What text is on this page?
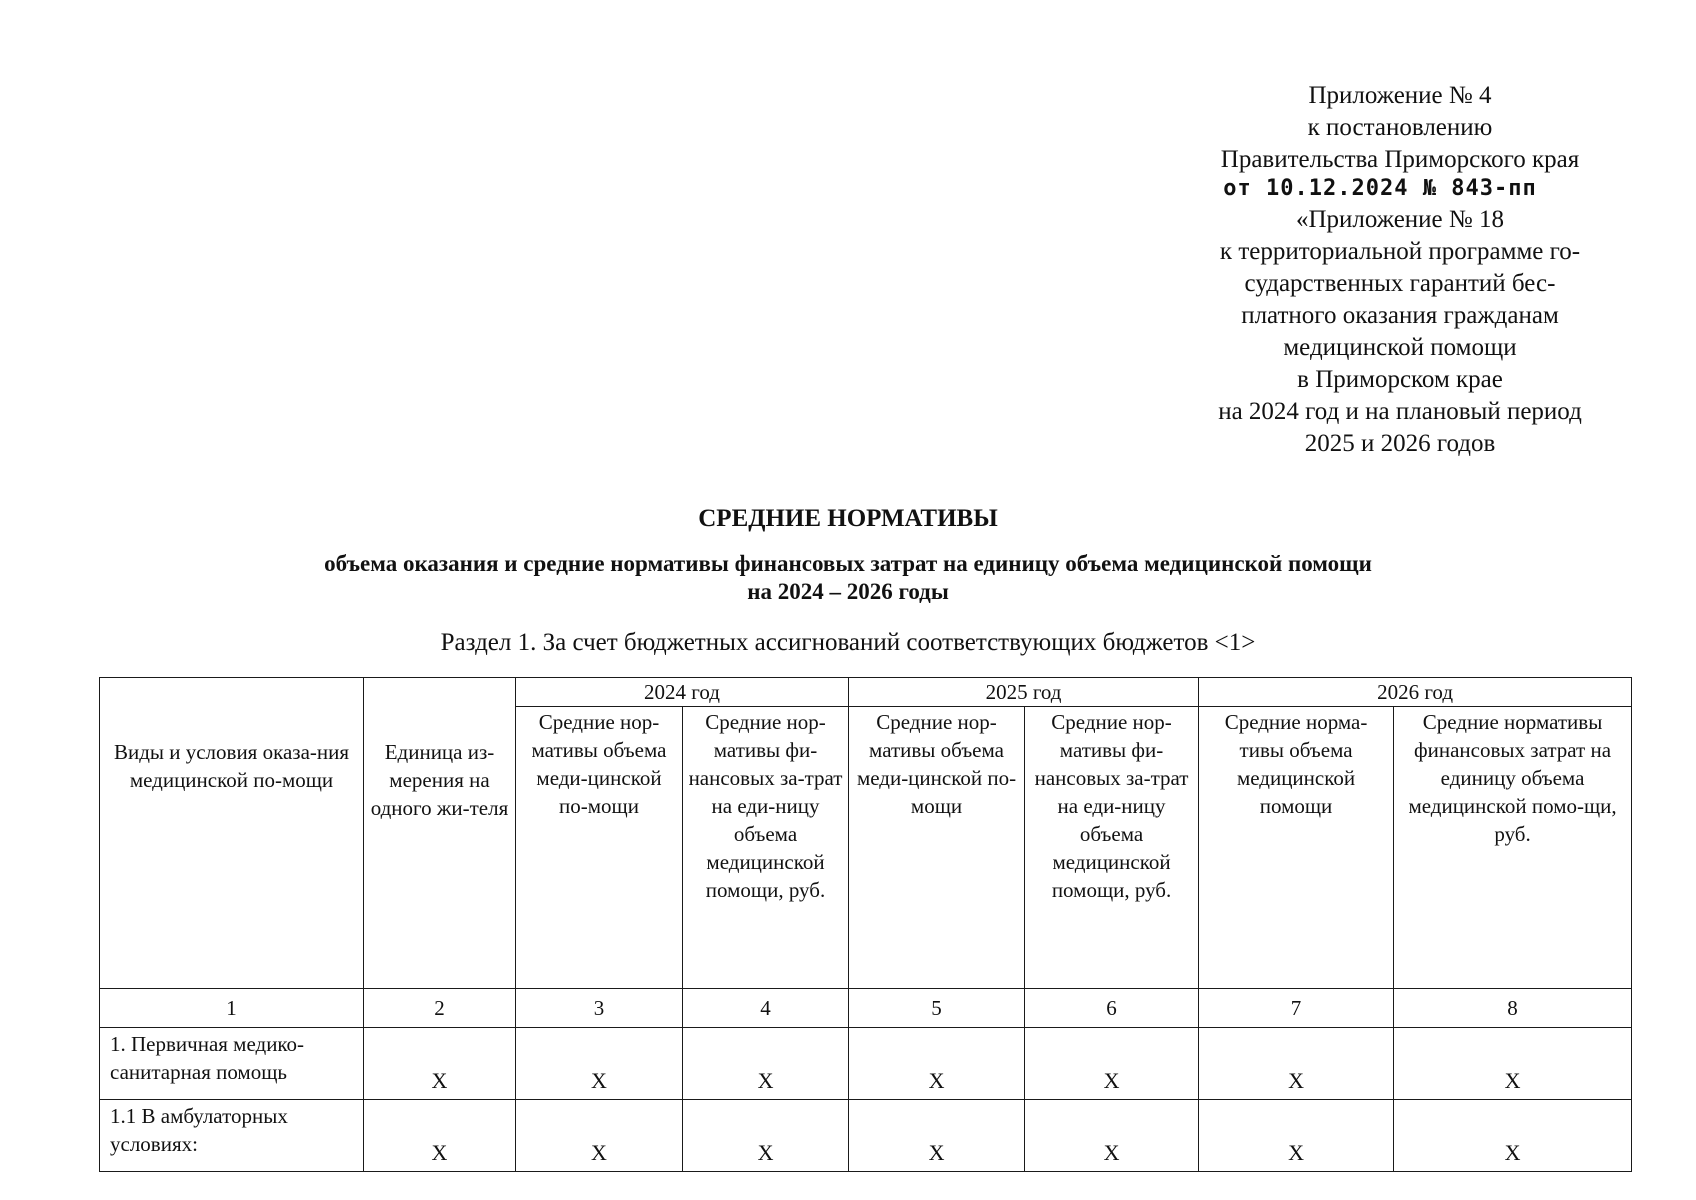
Приложение № 4
к постановлению
Правительства Приморского края
от 10.12.2024 № 843-пп
«Приложение № 18
к территориальной программе го-
сударственных гарантий бес-
платного оказания гражданам
медицинской помощи
в Приморском крае
на 2024 год и на плановый период
2025 и 2026 годов
СРЕДНИЕ НОРМАТИВЫ
объема оказания и средние нормативы финансовых затрат на единицу объема медицинской помощи
на 2024 – 2026 годы
Раздел 1. За счет бюджетных ассигнований соответствующих бюджетов <1>
Виды и условия оказа-ния медицинской по-мощи	Единица из-мерения на одного жи-теля	2024 год		2025 год		2026 год	
		Средние нор-мативы объема меди-цинской по-мощи	Средние нор-мативы фи-нансовых за-трат на еди-ницу объема медицинской помощи, руб.	Средние нор-мативы объема меди-цинской по-мощи	Средние нор-мативы фи-нансовых за-трат на еди-ницу объема медицинской помощи, руб.	Средние норма-тивы объема медицинской помощи	Средние нормативы финансовых затрат на единицу объема медицинской помо-щи, руб.
1	2	3	4	5	6	7	8
1. Первичная медико-санитарная помощь	X	X	X	X	X	X	X
1.1 В амбулаторных условиях:	X	X	X	X	X	X	X
